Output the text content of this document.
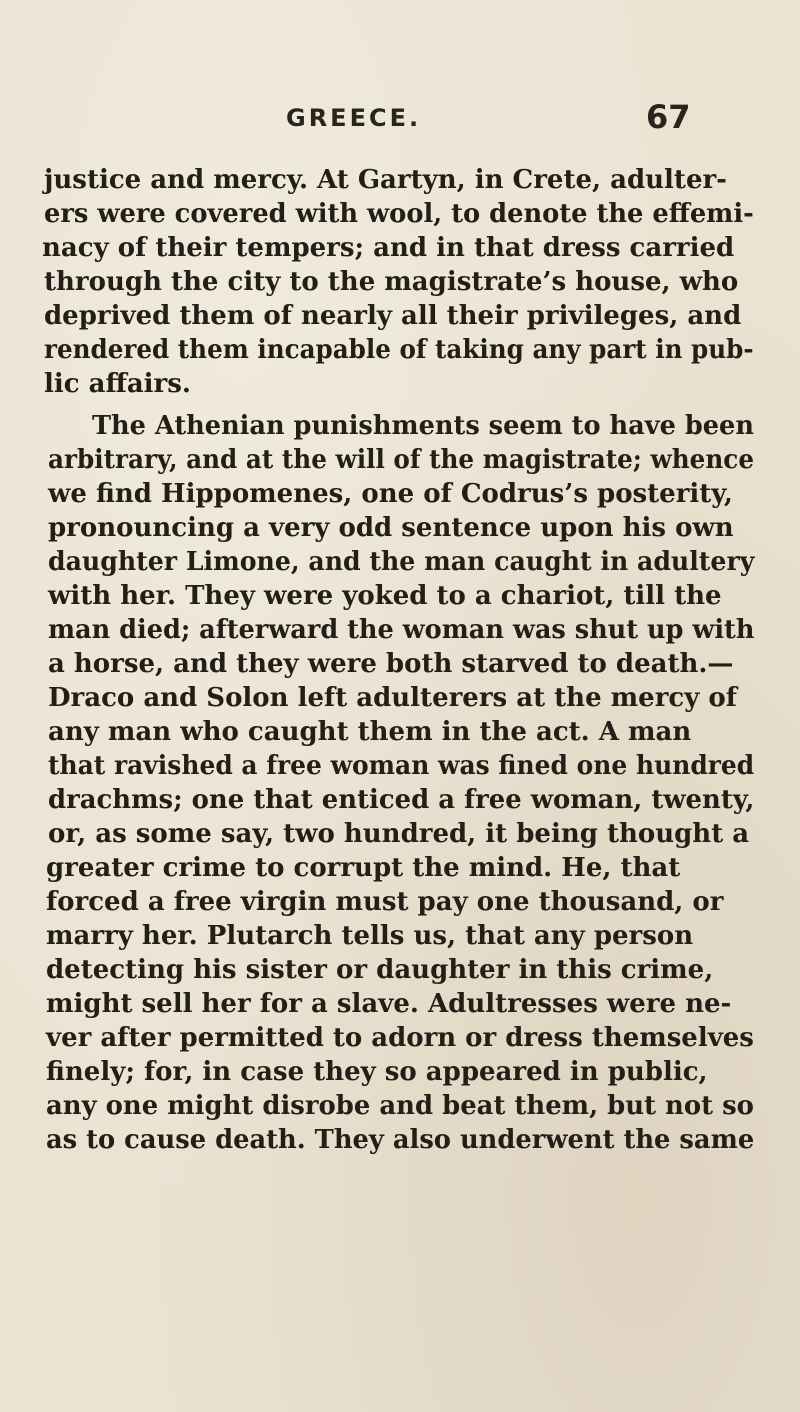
GREECE.	67
justice and mercy. At Gartyn, in Crete, adulter-
ers were covered with wool, to denote the effemi-
nacy of their tempers; and in that dress carried
through the city to the magistrate’s house, who
deprived them of nearly all their privileges, and
rendered them incapable of taking any part in pub-
lic affairs.
The Athenian punishments seem to have been
arbitrary, and at the will of the magistrate; whence
we find Hippomenes, one of Codrus’s posterity,
pronouncing a very odd sentence upon his own
daughter Limone, and the man caught in adultery
with her. They were yoked to a chariot, till the
man died; afterward the woman was shut up with
a horse, and they were both starved to death.—
Draco and Solon left adulterers at the mercy of
any man who caught them in the act. A man
that ravished a free woman was fined one hundred
drachms; one that enticed a free woman, twenty,
or, as some say, two hundred, it being thought a
greater crime to corrupt the mind. He, that
forced a free virgin must pay one thousand, or
marry her. Plutarch tells us, that any person
detecting his sister or daughter in this crime,
might sell her for a slave. Adultresses were ne-
ver after permitted to adorn or dress themselves
finely; for, in case they so appeared in public,
any one might disrobe and beat them, but not so
as to cause death. They also underwent the same
